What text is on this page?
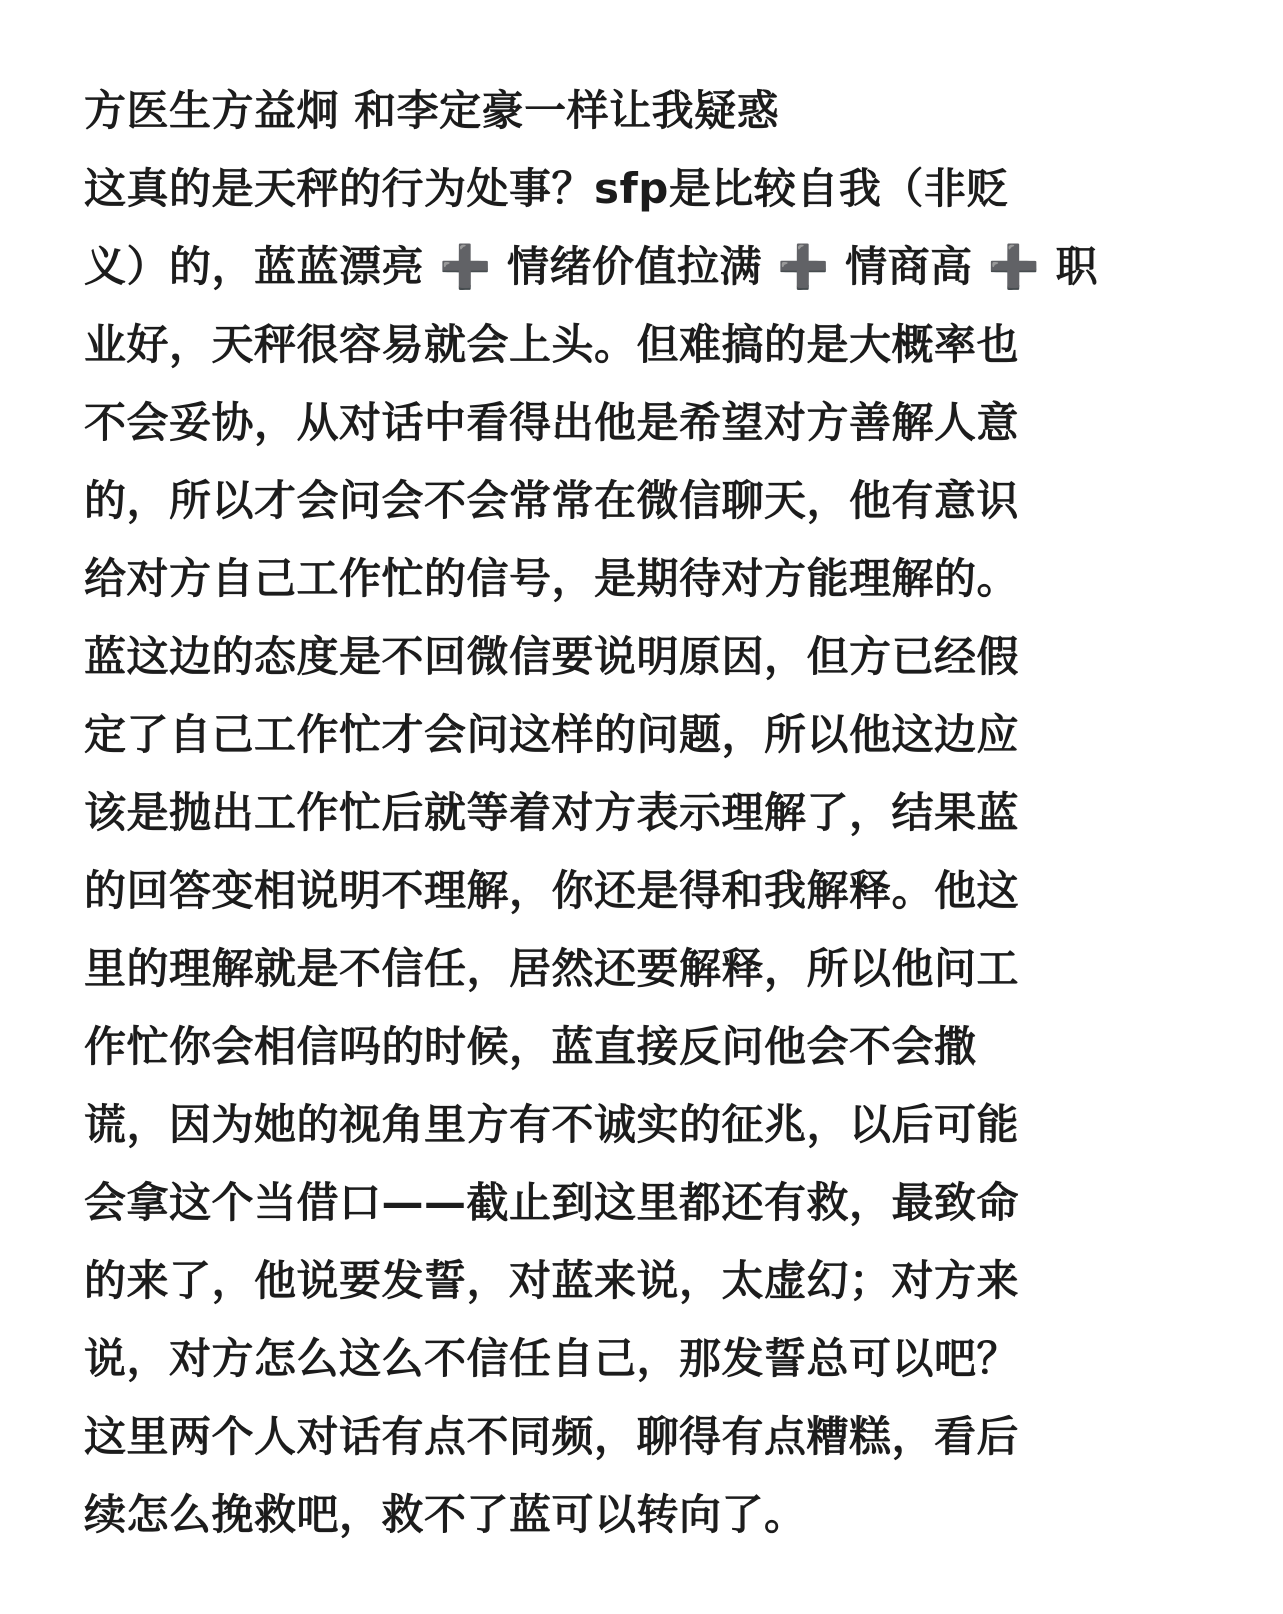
方医生方益炯 和李定豪一样让我疑惑
这真的是天秤的行为处事？sfp是比较自我（非贬
义）的，蓝蓝漂亮 ➕ 情绪价值拉满 ➕ 情商高 ➕ 职
业好，天秤很容易就会上头。但难搞的是大概率也
不会妥协，从对话中看得出他是希望对方善解人意
的，所以才会问会不会常常在微信聊天，他有意识
给对方自己工作忙的信号，是期待对方能理解的。
蓝这边的态度是不回微信要说明原因，但方已经假
定了自己工作忙才会问这样的问题，所以他这边应
该是抛出工作忙后就等着对方表示理解了，结果蓝
的回答变相说明不理解，你还是得和我解释。他这
里的理解就是不信任，居然还要解释，所以他问工
作忙你会相信吗的时候，蓝直接反问他会不会撒
谎，因为她的视角里方有不诚实的征兆，以后可能
会拿这个当借口——截止到这里都还有救，最致命
的来了，他说要发誓，对蓝来说，太虚幻；对方来
说，对方怎么这么不信任自己，那发誓总可以吧？
这里两个人对话有点不同频，聊得有点糟糕，看后
续怎么挽救吧，救不了蓝可以转向了。
